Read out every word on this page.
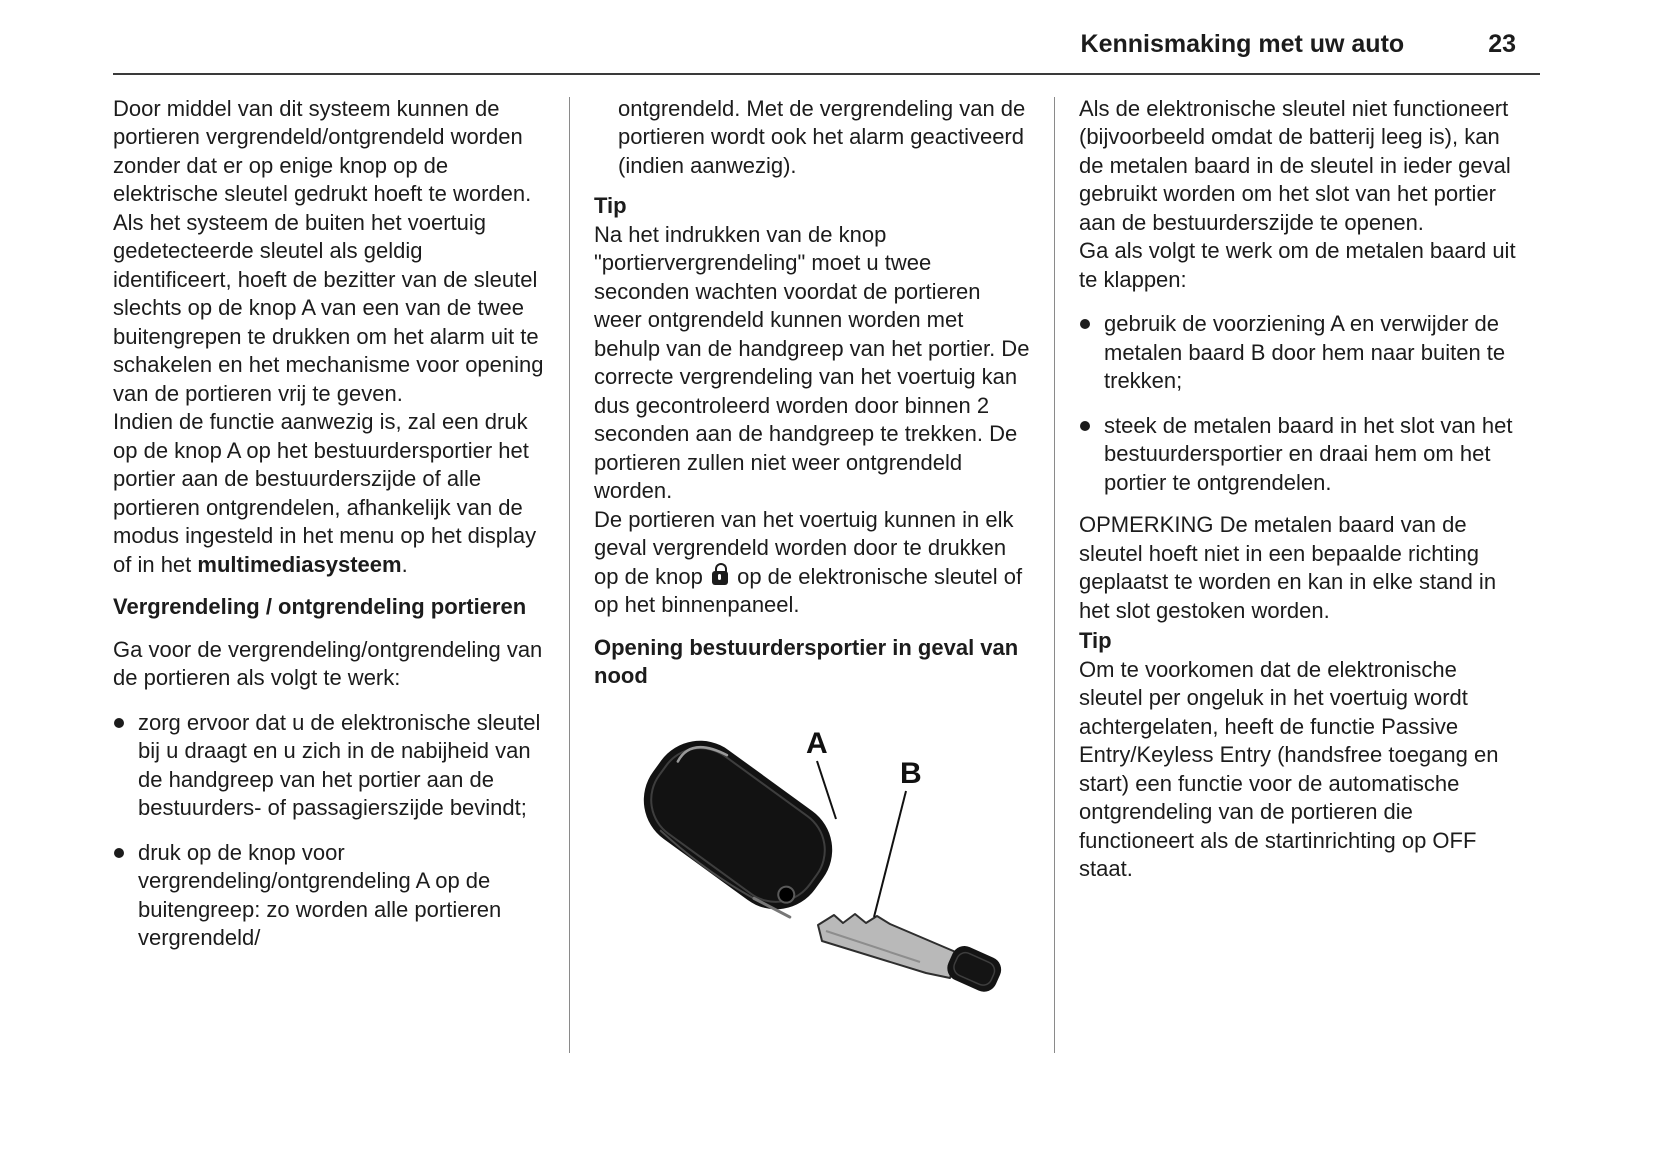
Kennismaking met uw auto	23

Door middel van dit systeem kunnen de portieren vergrendeld/ontgrendeld worden zonder dat er op enige knop op de elektrische sleutel gedrukt hoeft te worden.

Als het systeem de buiten het voertuig gedetecteerde sleutel als geldig identificeert, hoeft de bezitter van de sleutel slechts op de knop A van een van de twee buitengrepen te drukken om het alarm uit te schakelen en het mechanisme voor opening van de portieren vrij te geven.

Indien de functie aanwezig is, zal een druk op de knop A op het bestuurdersportier het portier aan de bestuurderszijde of alle portieren ontgrendelen, afhankelijk van de modus ingesteld in het menu op het display of in het multimediasysteem.

Vergrendeling / ontgrendeling portieren

Ga voor de vergrendeling/ontgrendeling van de portieren als volgt te werk:

zorg ervoor dat u de elektronische sleutel bij u draagt en u zich in de nabijheid van de handgreep van het portier aan de bestuurders- of passagierszijde bevindt;
druk op de knop voor vergrendeling/ontgrendeling A op de buitengreep: zo worden alle portieren vergrendeld/

ontgrendeld. Met de vergrendeling van de portieren wordt ook het alarm geactiveerd (indien aanwezig).

Tip

Na het indrukken van de knop "portiervergrendeling" moet u twee seconden wachten voordat de portieren weer ontgrendeld kunnen worden met behulp van de handgreep van het portier. De correcte vergrendeling van het voertuig kan dus gecontroleerd worden door binnen 2 seconden aan de handgreep te trekken. De portieren zullen niet weer ontgrendeld worden.

De portieren van het voertuig kunnen in elk geval vergrendeld worden door te drukken op de knop  op de elektronische sleutel of op het binnenpaneel.

Opening bestuurdersportier in geval van nood
A
B

Als de elektronische sleutel niet functioneert (bijvoorbeeld omdat de batterij leeg is), kan de metalen baard in de sleutel in ieder geval gebruikt worden om het slot van het portier aan de bestuurderszijde te openen.

Ga als volgt te werk om de metalen baard uit te klappen:

gebruik de voorziening A en verwijder de metalen baard B door hem naar buiten te trekken;
steek de metalen baard in het slot van het bestuurdersportier en draai hem om het portier te ontgrendelen.

OPMERKING De metalen baard van de sleutel hoeft niet in een bepaalde richting geplaatst te worden en kan in elke stand in het slot gestoken worden.

Tip

Om te voorkomen dat de elektronische sleutel per ongeluk in het voertuig wordt achtergelaten, heeft de functie Passive Entry/Keyless Entry (handsfree toegang en start) een functie voor de automatische ontgrendeling van de portieren die functioneert als de startinrichting op OFF staat.
